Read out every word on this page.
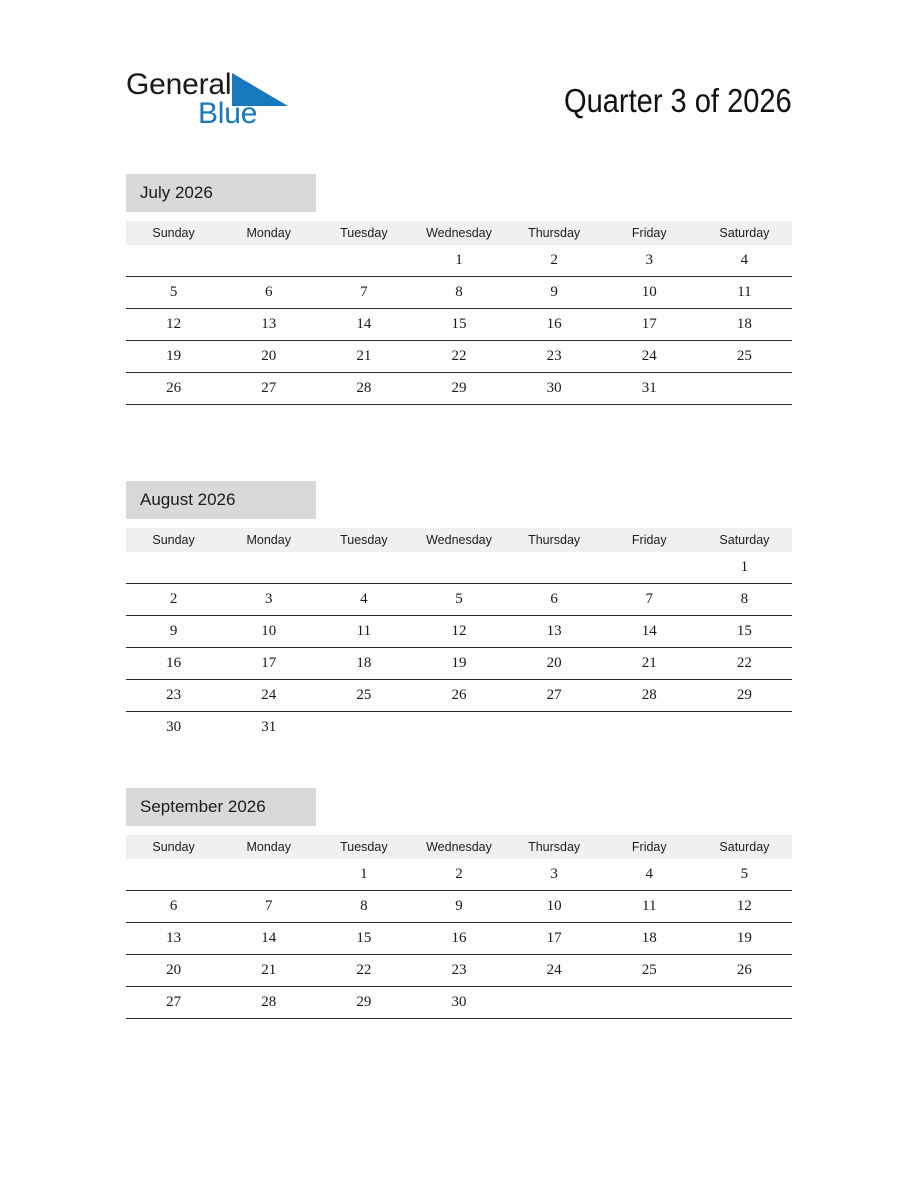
General
Blue	Quarter 3 of 2026
July 2026
Sunday	Monday	Tuesday	Wednesday	Thursday	Friday	Saturday
			1	2	3	4
5	6	7	8	9	10	11
12	13	14	15	16	17	18
19	20	21	22	23	24	25
26	27	28	29	30	31	
August 2026
Sunday	Monday	Tuesday	Wednesday	Thursday	Friday	Saturday
						1
2	3	4	5	6	7	8
9	10	11	12	13	14	15
16	17	18	19	20	21	22
23	24	25	26	27	28	29
30	31					
September 2026
Sunday	Monday	Tuesday	Wednesday	Thursday	Friday	Saturday
		1	2	3	4	5
6	7	8	9	10	11	12
13	14	15	16	17	18	19
20	21	22	23	24	25	26
27	28	29	30			
